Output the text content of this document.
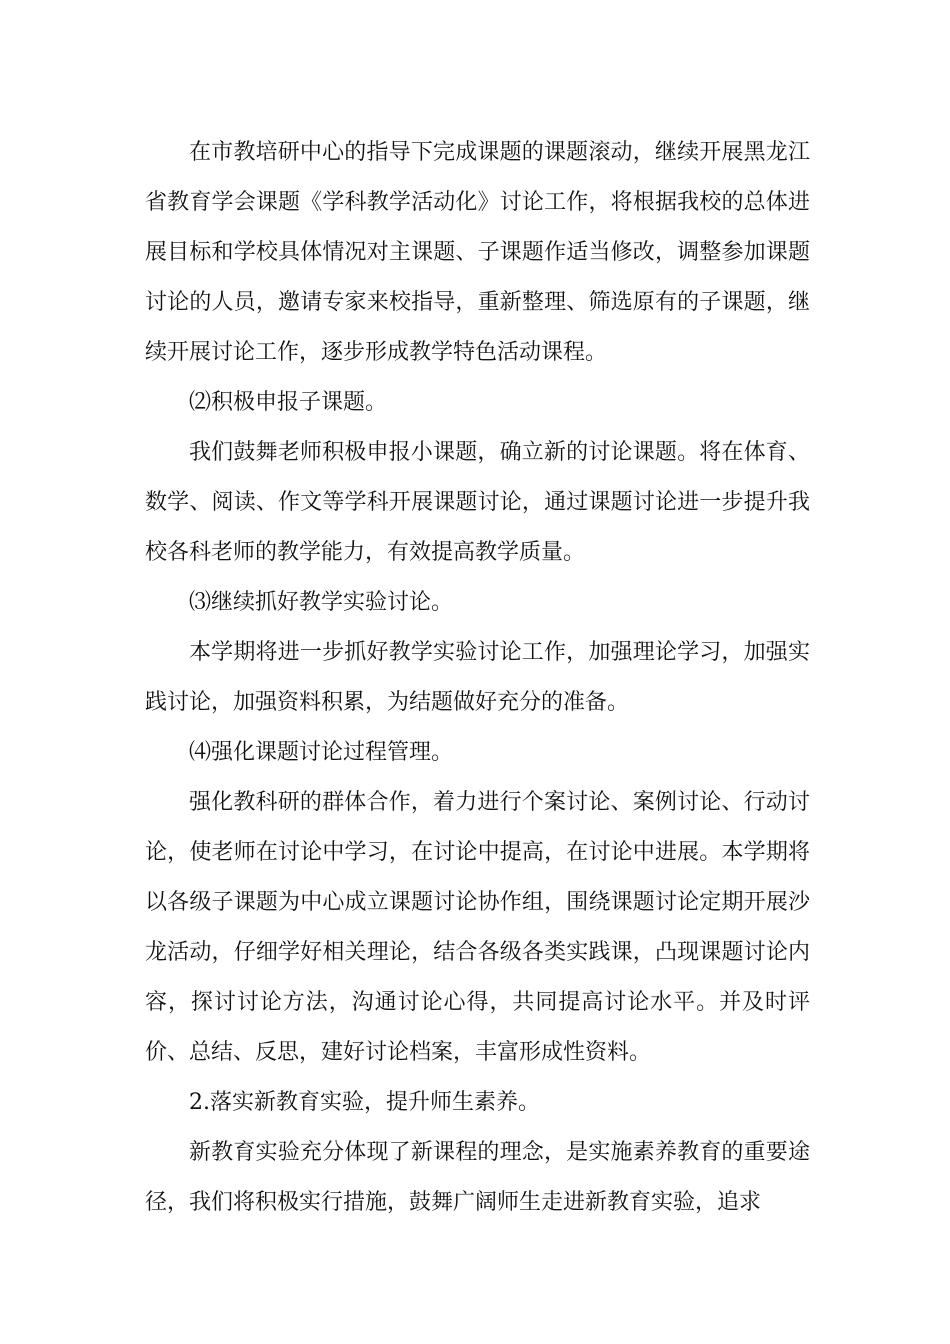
在市教培研中心的指导下完成课题的课题滚动，继续开展黑龙江省教育学会课题《学科教学活动化》讨论工作，将根据我校的总体进展目标和学校具体情况对主课题、子课题作适当修改，调整参加课题讨论的人员，邀请专家来校指导，重新整理、筛选原有的子课题，继续开展讨论工作，逐步形成教学特色活动课程。

⑵积极申报子课题。

我们鼓舞老师积极申报小课题，确立新的讨论课题。将在体育、数学、阅读、作文等学科开展课题讨论，通过课题讨论进一步提升我校各科老师的教学能力，有效提高教学质量。

⑶继续抓好教学实验讨论。

本学期将进一步抓好教学实验讨论工作，加强理论学习，加强实践讨论，加强资料积累，为结题做好充分的准备。

⑷强化课题讨论过程管理。

强化教科研的群体合作，着力进行个案讨论、案例讨论、行动讨论，使老师在讨论中学习，在讨论中提高，在讨论中进展。本学期将以各级子课题为中心成立课题讨论协作组，围绕课题讨论定期开展沙龙活动，仔细学好相关理论，结合各级各类实践课，凸现课题讨论内容，探讨讨论方法，沟通讨论心得，共同提高讨论水平。并及时评价、总结、反思，建好讨论档案，丰富形成性资料。

2.落实新教育实验，提升师生素养。

新教育实验充分体现了新课程的理念，是实施素养教育的重要途径，我们将积极实行措施，鼓舞广阔师生走进新教育实验，追求
